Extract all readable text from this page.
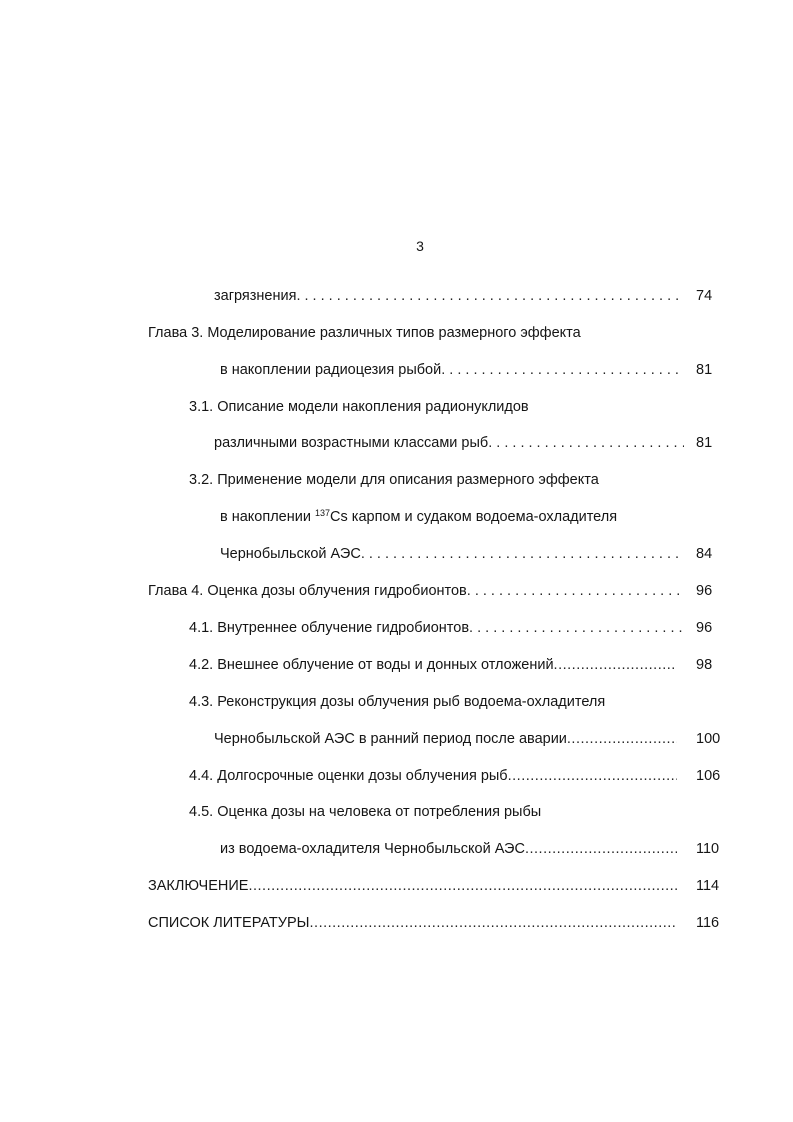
3
загрязнения . . .	74
Глава 3. Моделирование различных типов размерного эффекта
в накоплении радиоцезия рыбой . . .	81
3.1. Описание модели накопления радионуклидов
различными возрастными классами рыб . . .	81
3.2. Применение модели для описания размерного эффекта
в накоплении $^{137}$Cs карпом и судаком водоема-охладителя
Чернобыльской АЭС . . .	84
Глава 4. Оценка дозы облучения гидробионтов . . .	96
4.1. Внутреннее облучение гидробионтов . . .	96
4.2. Внешнее облучение от воды и донных отложений .....	98
4.3. Реконструкция дозы облучения рыб водоема-охладителя
Чернобыльской АЭС в ранний период после аварии .....	100
4.4. Долгосрочные оценки дозы облучения рыб .....	106
4.5. Оценка дозы на человека от потребления рыбы
из водоема-охладителя Чернобыльской АЭС .....	110
ЗАКЛЮЧЕНИЕ .....	114
СПИСОК ЛИТЕРАТУРЫ .....	116
